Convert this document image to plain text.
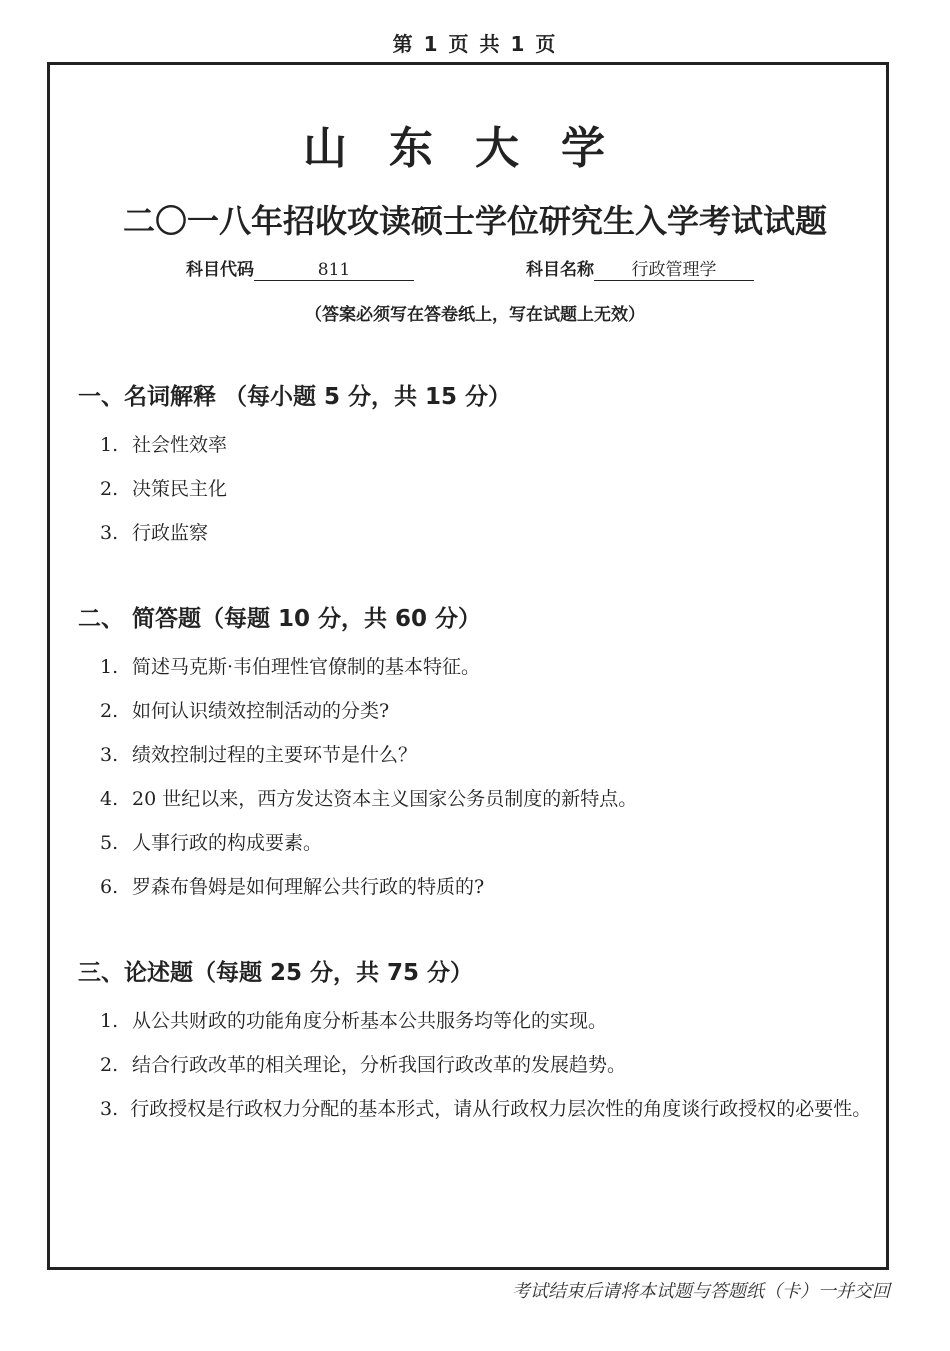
第 1 页 共 1 页
山东大学
二〇一八年招收攻读硕士学位研究生入学考试试题
科目代码	811	科目名称 行政管理学
（答案必须写在答卷纸上，写在试题上无效）
一、名词解释 （每小题 5 分，共 15 分）
1. 社会性效率
2. 决策民主化
3. 行政监察
二、 简答题（每题 10 分，共 60 分）
1. 简述马克斯·韦伯理性官僚制的基本特征。
2. 如何认识绩效控制活动的分类?
3. 绩效控制过程的主要环节是什么？
4. 20 世纪以来，西方发达资本主义国家公务员制度的新特点。
5. 人事行政的构成要素。
6. 罗森布鲁姆是如何理解公共行政的特质的?
三、论述题（每题 25 分，共 75 分）
1. 从公共财政的功能角度分析基本公共服务均等化的实现。
2. 结合行政改革的相关理论，分析我国行政改革的发展趋势。
3. 行政授权是行政权力分配的基本形式，请从行政权力层次性的角度谈行政授权的必要性。
考试结束后请将本试题与答题纸（卡）一并交回
